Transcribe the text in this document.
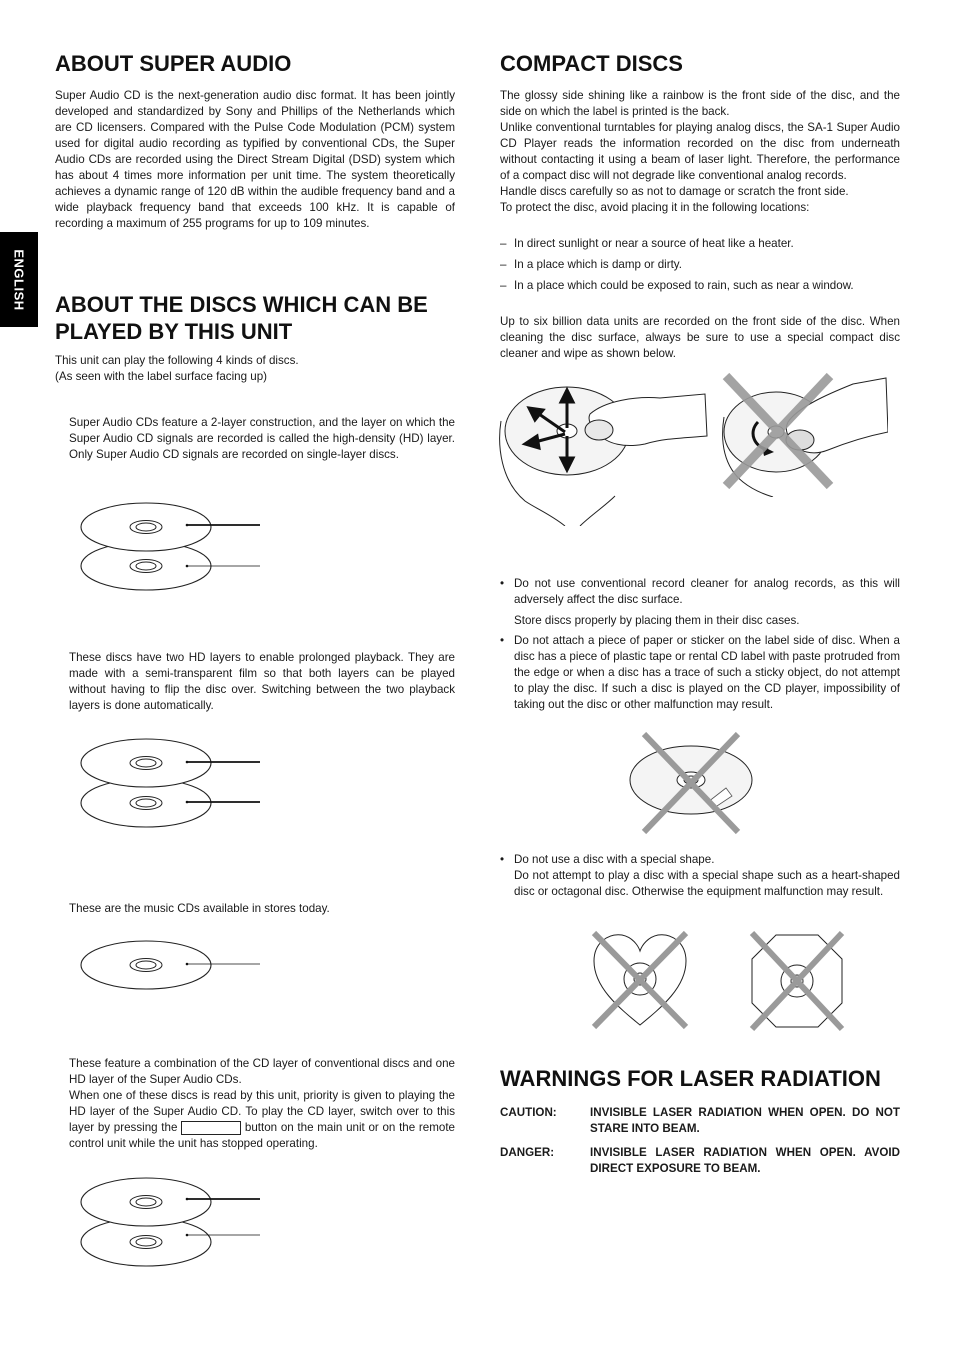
ENGLISH
ABOUT SUPER AUDIO

Super Audio CD is the next-generation audio disc format. It has been jointly developed and standardized by Sony and Phillips of the Netherlands which are CD licensers. Compared with the Pulse Code Modulation (PCM) system used for digital audio recording as typified by conventional CDs, the Super Audio CDs are recorded using the Direct Stream Digital (DSD) system which has about 4 times more information per unit time. The system theoretically achieves a dynamic range of 120 dB within the audible frequency band and a wide playback frequency band that exceeds 100 kHz. It is capable of recording a maximum of 255 programs for up to 109 minutes.

ABOUT THE DISCS WHICH CAN BE
PLAYED BY THIS UNIT

This unit can play the following 4 kinds of discs.

(As seen with the label surface facing up)

Super Audio CDs feature a 2-layer construction, and the layer on which the Super Audio CD signals are recorded is called the high-density (HD) layer. Only Super Audio CD signals are recorded on single-layer discs.

These discs have two HD layers to enable prolonged playback. They are made with a semi-transparent film so that both layers can be played without having to flip the disc over. Switching between the two playback layers is done automatically.

These are the music CDs available in stores today.

These feature a combination of the CD layer of conventional discs and one HD layer of the Super Audio CDs.

When one of these discs is read by this unit, priority is given to playing the HD layer of the Super Audio CD. To play the CD layer, switch over to this layer by pressing the	button on the main unit or on the remote control unit while the unit has stopped operating.

COMPACT DISCS

The glossy side shining like a rainbow is the front side of the disc, and the side on which the label is printed is the back.

Unlike conventional turntables for playing analog discs, the SA-1 Super Audio CD Player reads the information recorded on the disc from underneath without contacting it using a beam of laser light. Therefore, the performance of a compact disc will not degrade like conventional analog records.

Handle discs carefully so as not to damage or scratch the front side.

To protect the disc, avoid placing it in the following locations:

– In direct sunlight or near a source of heat like a heater.
– In a place which is damp or dirty.
– In a place which could be exposed to rain, such as near a window.

Up to six billion data units are recorded on the front side of the disc. When cleaning the disc surface, always be sure to use a special compact disc cleaner and wipe as shown below.

• Do not use conventional record cleaner for analog records, as this will adversely affect the disc surface.

Store discs properly by placing them in their disc cases.

• Do not attach a piece of paper or sticker on the label side of disc. When a disc has a piece of plastic tape or rental CD label with paste protruded from the edge or when a disc has a trace of such a sticky object, do not attempt to play the disc. If such a disc is played on the CD player, impossibility of taking out the disc or other malfunction may result.
• Do not use a disc with a special shape.
Do not attempt to play a disc with a special shape such as a heart-shaped disc or octagonal disc. Otherwise the equipment malfunction may result.
WARNINGS FOR LASER RADIATION
CAUTION:	INVISIBLE LASER RADIATION WHEN OPEN. DO NOT STARE INTO BEAM.
DANGER:	INVISIBLE LASER RADIATION WHEN OPEN. AVOID DIRECT EXPOSURE TO BEAM.
